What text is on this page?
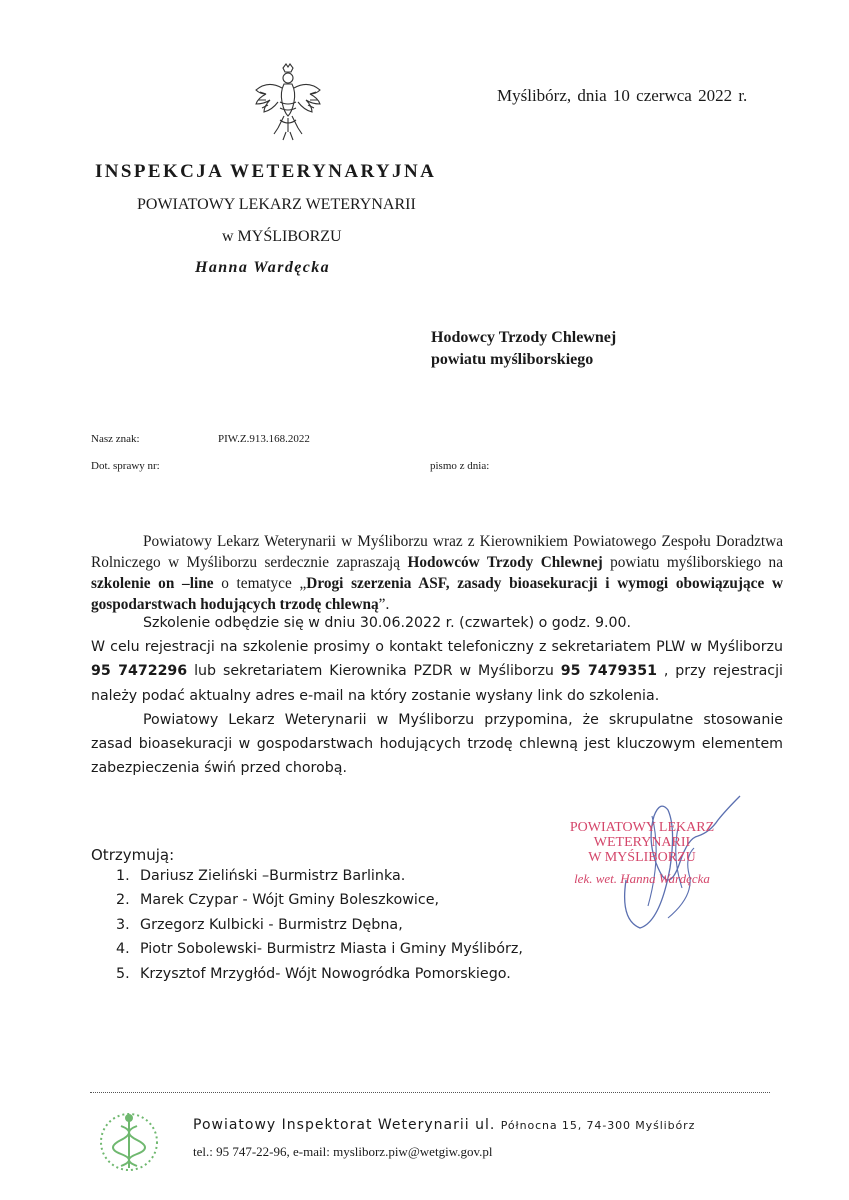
Myślibórz, dnia 10 czerwca 2022 r.
INSPEKCJA WETERYNARYJNA
POWIATOWY LEKARZ WETERYNARII
w MYŚLIBORZU
Hanna Wardęcka
Hodowcy Trzody Chlewnej
powiatu myśliborskiego
Nasz znak:	PIW.Z.913.168.2022
Dot. sprawy nr:	pismo z dnia:

Powiatowy Lekarz Weterynarii w Myśliborzu wraz z Kierownikiem Powiatowego Zespołu Doradztwa Rolniczego w Myśliborzu serdecznie zapraszają Hodowców Trzody Chlewnej powiatu myśliborskiego na szkolenie on –line o tematyce „Drogi szerzenia ASF, zasady bioasekuracji i wymogi obowiązujące w gospodarstwach hodujących trzodę chlewną”.

Szkolenie odbędzie się w dniu 30.06.2022 r. (czwartek) o godz. 9.00.

W celu rejestracji na szkolenie prosimy o kontakt telefoniczny z sekretariatem PLW w Myśliborzu 95 7472296 lub sekretariatem Kierownika PZDR w Myśliborzu 95 7479351 , przy rejestracji należy podać aktualny adres e-mail na który zostanie wysłany link do szkolenia.

Powiatowy Lekarz Weterynarii w Myśliborzu przypomina, że skrupulatne stosowanie zasad bioasekuracji w gospodarstwach hodujących trzodę chlewną jest kluczowym elementem zabezpieczenia świń przed chorobą.

POWIATOWY LEKARZ
WETERYNARII
W MYŚLIBORZU
lek. wet. Hanna Wardęcka
Otrzymują:
1. Dariusz Zieliński –Burmistrz Barlinka.
2. Marek Czypar - Wójt Gminy Boleszkowice,
3. Grzegorz Kulbicki - Burmistrz Dębna,
4. Piotr Sobolewski- Burmistrz Miasta i Gminy Myślibórz,
5. Krzysztof Mrzygłód- Wójt Nowogródka Pomorskiego.
Powiatowy Inspektorat Weterynarii ul. Północna 15, 74-300 Myślibórz
tel.: 95 747-22-96, e-mail: mysliborz.piw@wetgiw.gov.pl
